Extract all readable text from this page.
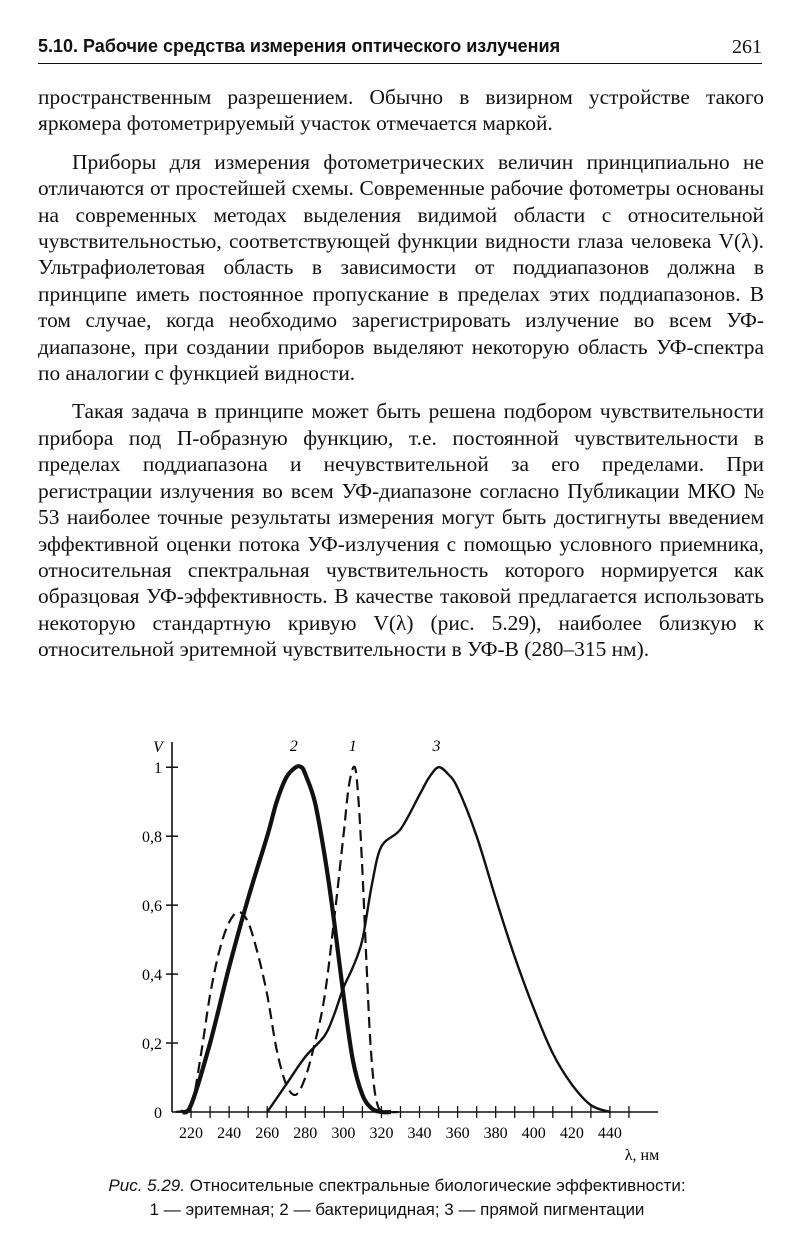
5.10. Рабочие средства измерения оптического излучения	261

пространственным разрешением. Обычно в визирном устройстве такого яркомера фотометрируемый участок отмечается маркой.

Приборы для измерения фотометрических величин принципиально не отличаются от простейшей схемы. Современные рабочие фотометры основаны на современных методах выделения видимой области с относительной чувствительностью, соответствующей функции видности глаза человека V(λ). Ультрафиолетовая область в зависимости от поддиапазонов должна в принципе иметь постоянное пропускание в пределах этих поддиапазонов. В том случае, когда необходимо зарегистрировать излучение во всем УФ-диапазоне, при создании приборов выделяют некоторую область УФ-спектра по аналогии с функцией видности.

Такая задача в принципе может быть решена подбором чувствительности прибора под П-образную функцию, т.е. постоянной чувствительности в пределах поддиапазона и нечувствительной за его пределами. При регистрации излучения во всем УФ-диапазоне согласно Публикации МКО № 53 наиболее точные результаты измерения могут быть достигнуты введением эффективной оценки потока УФ-излучения с помощью условного приемника, относительная спектральная чувствительность которого нормируется как образцовая УФ-эффективность. В качестве таковой предлагается использовать некоторую стандартную кривую V(λ) (рис. 5.29), наиболее близкую к относительной эритемной чувствительности в УФ-В (280–315 нм).

V
0
0,2
0,4
0,6
0,8
1
220 240 260 280 300 320 340 360 380 400 420 440
λ, нм
1
2	3
Рис. 5.29. Относительные спектральные биологические эффективности:
1 — эритемная; 2 — бактерицидная; 3 — прямой пигментации
